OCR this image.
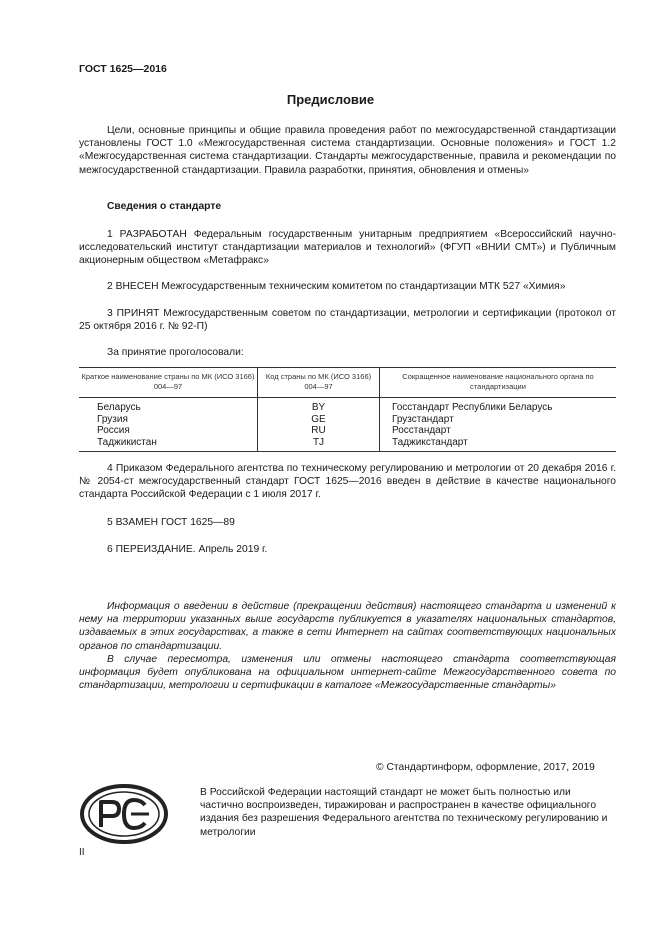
ГОСТ 1625—2016
Предисловие

Цели, основные принципы и общие правила проведения работ по межгосударственной стандартизации установлены ГОСТ 1.0 «Межгосударственная система стандартизации. Основные положения» и ГОСТ 1.2 «Межгосударственная система стандартизации. Стандарты межгосударственные, правила и рекомендации по межгосударственной стандартизации. Правила разработки, принятия, обновления и отмены»

Сведения о стандарте

1 РАЗРАБОТАН Федеральным государственным унитарным предприятием «Всероссийский научно-исследовательский институт стандартизации материалов и технологий» (ФГУП «ВНИИ СМТ») и Публичным акционерным обществом «Метафракс»

2 ВНЕСЕН Межгосударственным техническим комитетом по стандартизации МТК 527 «Химия»

3 ПРИНЯТ Межгосударственным советом по стандартизации, метрологии и сертификации (протокол от 25 октября 2016 г. № 92-П)

За принятие проголосовали:
Краткое наименование страны по МК (ИСО 3166) 004—97	Код страны по МК (ИСО 3166) 004—97	Сокращенное наименование национального органа по стандартизации
Беларусь	BY	Госстандарт Республики Беларусь
Грузия	GE	Грузстандарт
Россия	RU	Росстандарт
Таджикистан	TJ	Таджикстандарт

4 Приказом Федерального агентства по техническому регулированию и метрологии от 20 декабря 2016 г. № 2054-ст межгосударственный стандарт ГОСТ 1625—2016 введен в действие в качестве национального стандарта Российской Федерации с 1 июля 2017 г.

5 ВЗАМЕН ГОСТ 1625—89
6 ПЕРЕИЗДАНИЕ. Апрель 2019 г.

Информация о введении в действие (прекращении действия) настоящего стандарта и изменений к нему на территории указанных выше государств публикуется в указателях национальных стандартов, издаваемых в этих государствах, а также в сети Интернет на сайтах соответствующих национальных органов по стандартизации.

В случае пересмотра, изменения или отмены настоящего стандарта соответствующая информация будет опубликована на официальном интернет-сайте Межгосударственного совета по стандартизации, метрологии и сертификации в каталоге «Межгосударственные стандарты»

© Стандартинформ, оформление, 2017, 2019

В Российской Федерации настоящий стандарт не может быть полностью или частично воспроизведен, тиражирован и распространен в качестве официального издания без разрешения Федерального агентства по техническому регулированию и метрологии

II
